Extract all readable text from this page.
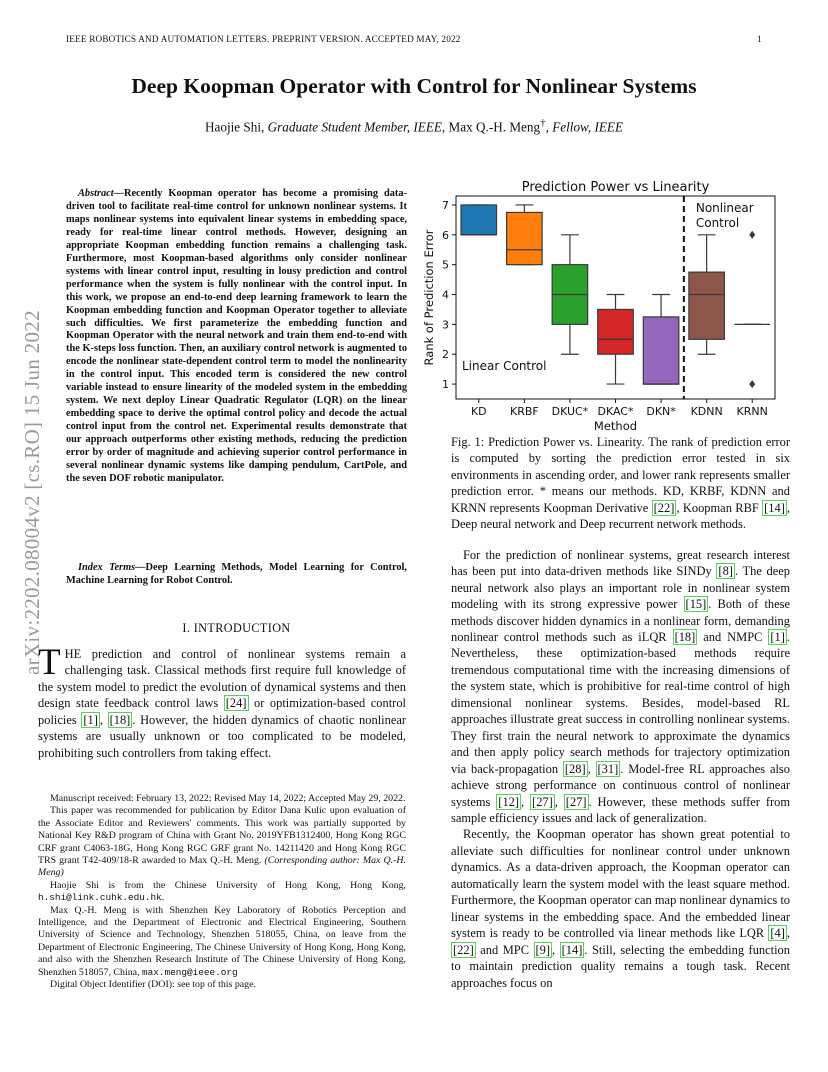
IEEE ROBOTICS AND AUTOMATION LETTERS. PREPRINT VERSION. ACCEPTED MAY, 2022	1
Deep Koopman Operator with Control for Nonlinear Systems
Haojie Shi, Graduate Student Member, IEEE, Max Q.-H. Meng†, Fellow, IEEE
arXiv:2202.08004v2 [cs.RO] 15 Jun 2022

Abstract—Recently Koopman operator has become a promising data-driven tool to facilitate real-time control for unknown nonlinear systems. It maps nonlinear systems into equivalent linear systems in embedding space, ready for real-time linear control methods. However, designing an appropriate Koopman embedding function remains a challenging task. Furthermore, most Koopman-based algorithms only consider nonlinear systems with linear control input, resulting in lousy prediction and control performance when the system is fully nonlinear with the control input. In this work, we propose an end-to-end deep learning framework to learn the Koopman embedding function and Koopman Operator together to alleviate such difficulties. We first parameterize the embedding function and Koopman Operator with the neural network and train them end-to-end with the K-steps loss function. Then, an auxiliary control network is augmented to encode the nonlinear state-dependent control term to model the nonlinearity in the control input. This encoded term is considered the new control variable instead to ensure linearity of the modeled system in the embedding system. We next deploy Linear Quadratic Regulator (LQR) on the linear embedding space to derive the optimal control policy and decode the actual control input from the control net. Experimental results demonstrate that our approach outperforms other existing methods, reducing the prediction error by order of magnitude and achieving superior control performance in several nonlinear dynamic systems like damping pendulum, CartPole, and the seven DOF robotic manipulator.

Index Terms—Deep Learning Methods, Model Learning for Control, Machine Learning for Robot Control.

I. INTRODUCTION

THE prediction and control of nonlinear systems remain a challenging task. Classical methods first require full knowledge of the system model to predict the evolution of dynamical systems and then design state feedback control laws [24] or optimization-based control policies [1] , [18] . However, the hidden dynamics of chaotic nonlinear systems are usually unknown or too complicated to be modeled, prohibiting such controllers from taking effect.

Manuscript received: February 13, 2022; Revised May 14, 2022; Accepted May 29, 2022.

This paper was recommended for publication by Editor Dana Kulic upon evaluation of the Associate Editor and Reviewers' comments. This work was partially supported by National Key R&D program of China with Grant No. 2019YFB1312400, Hong Kong RGC CRF grant C4063-18G, Hong Kong RGC GRF grant No. 14211420 and Hong Kong RGC TRS grant T42-409/18-R awarded to Max Q.-H. Meng. (Corresponding author: Max Q.-H. Meng)

Haojie Shi is from the Chinese University of Hong Kong, Hong Kong, h.shi@link.cuhk.edu.hk.

Max Q.-H. Meng is with Shenzhen Key Laboratory of Robotics Perception and Intelligence, and the Department of Electronic and Electrical Engineering, Southern University of Science and Technology, Shenzhen 518055, China, on leave from the Department of Electronic Engineering, The Chinese University of Hong Kong, Hong Kong, and also with the Shenzhen Research Institute of The Chinese University of Hong Kong, Shenzhen 518057, China, max.meng@ieee.org

Digital Object Identifier (DOI): see top of this page.

Prediction Power vs Linearity
1
2
3
4
5
6
7
KD KRBF DKUC* DKAC* DKN* KDNN KRNN
Method
Rank of Prediction Error
Linear Control
Nonlinear
Control

Fig. 1: Prediction Power vs. Linearity. The rank of prediction error is computed by sorting the prediction error tested in six environments in ascending order, and lower rank represents smaller prediction error. * means our methods. KD, KRBF, KDNN and KRNN represents Koopman Derivative [22] , Koopman RBF [14] , Deep neural network and Deep recurrent network methods.

For the prediction of nonlinear systems, great research interest has been put into data-driven methods like SINDy [8] . The deep neural network also plays an important role in nonlinear system modeling with its strong expressive power [15] . Both of these methods discover hidden dynamics in a nonlinear form, demanding nonlinear control methods such as iLQR [18] and NMPC [1] . Nevertheless, these optimization-based methods require tremendous computational time with the increasing dimensions of the system state, which is prohibitive for real-time control of high dimensional nonlinear systems. Besides, model-based RL approaches illustrate great success in controlling nonlinear systems. They first train the neural network to approximate the dynamics and then apply policy search methods for trajectory optimization via back-propagation [28] , [31] . Model-free RL approaches also achieve strong performance on continuous control of nonlinear systems [12] , [27] , [27] . However, these methods suffer from sample efficiency issues and lack of generalization.

Recently, the Koopman operator has shown great potential to alleviate such difficulties for nonlinear control under unknown dynamics. As a data-driven approach, the Koopman operator can automatically learn the system model with the least square method. Furthermore, the Koopman operator can map nonlinear dynamics to linear systems in the embedding space. And the embedded linear system is ready to be controlled via linear methods like LQR [4] , [22] and MPC [9] , [14] . Still, selecting the embedding function to maintain prediction quality remains a tough task. Recent approaches focus on
